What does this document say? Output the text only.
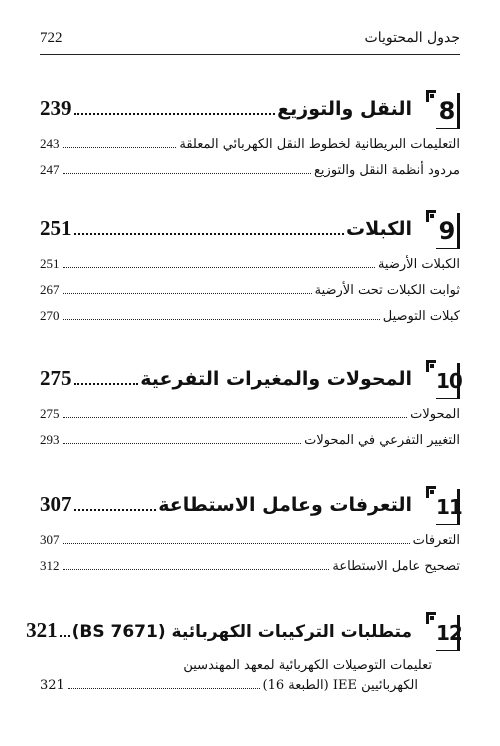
722	جدول المحتويات
8
النقل والتوزيع
239
التعليمات البريطانية لخطوط النقل الكهربائي المعلقة
243
مردود أنظمة النقل والتوزيع
247
9
الكبلات
251
الكبلات الأرضية
251
ثوابت الكبلات تحت الأرضية
267
كبلات التوصيل
270
10
المحولات والمغيرات التفرعية
275
المحولات
275
التغيير التفرعي في المحولات
293
11
التعرفات وعامل الاستطاعة
307
التعرفات
307
تصحيح عامل الاستطاعة
312
12
متطلبات التركيبات الكهربائية (BS 7671)
321
تعليمات التوصيلات الكهربائية لمعهد المهندسين
الكهربائيين IEE (الطبعة 16)
321
